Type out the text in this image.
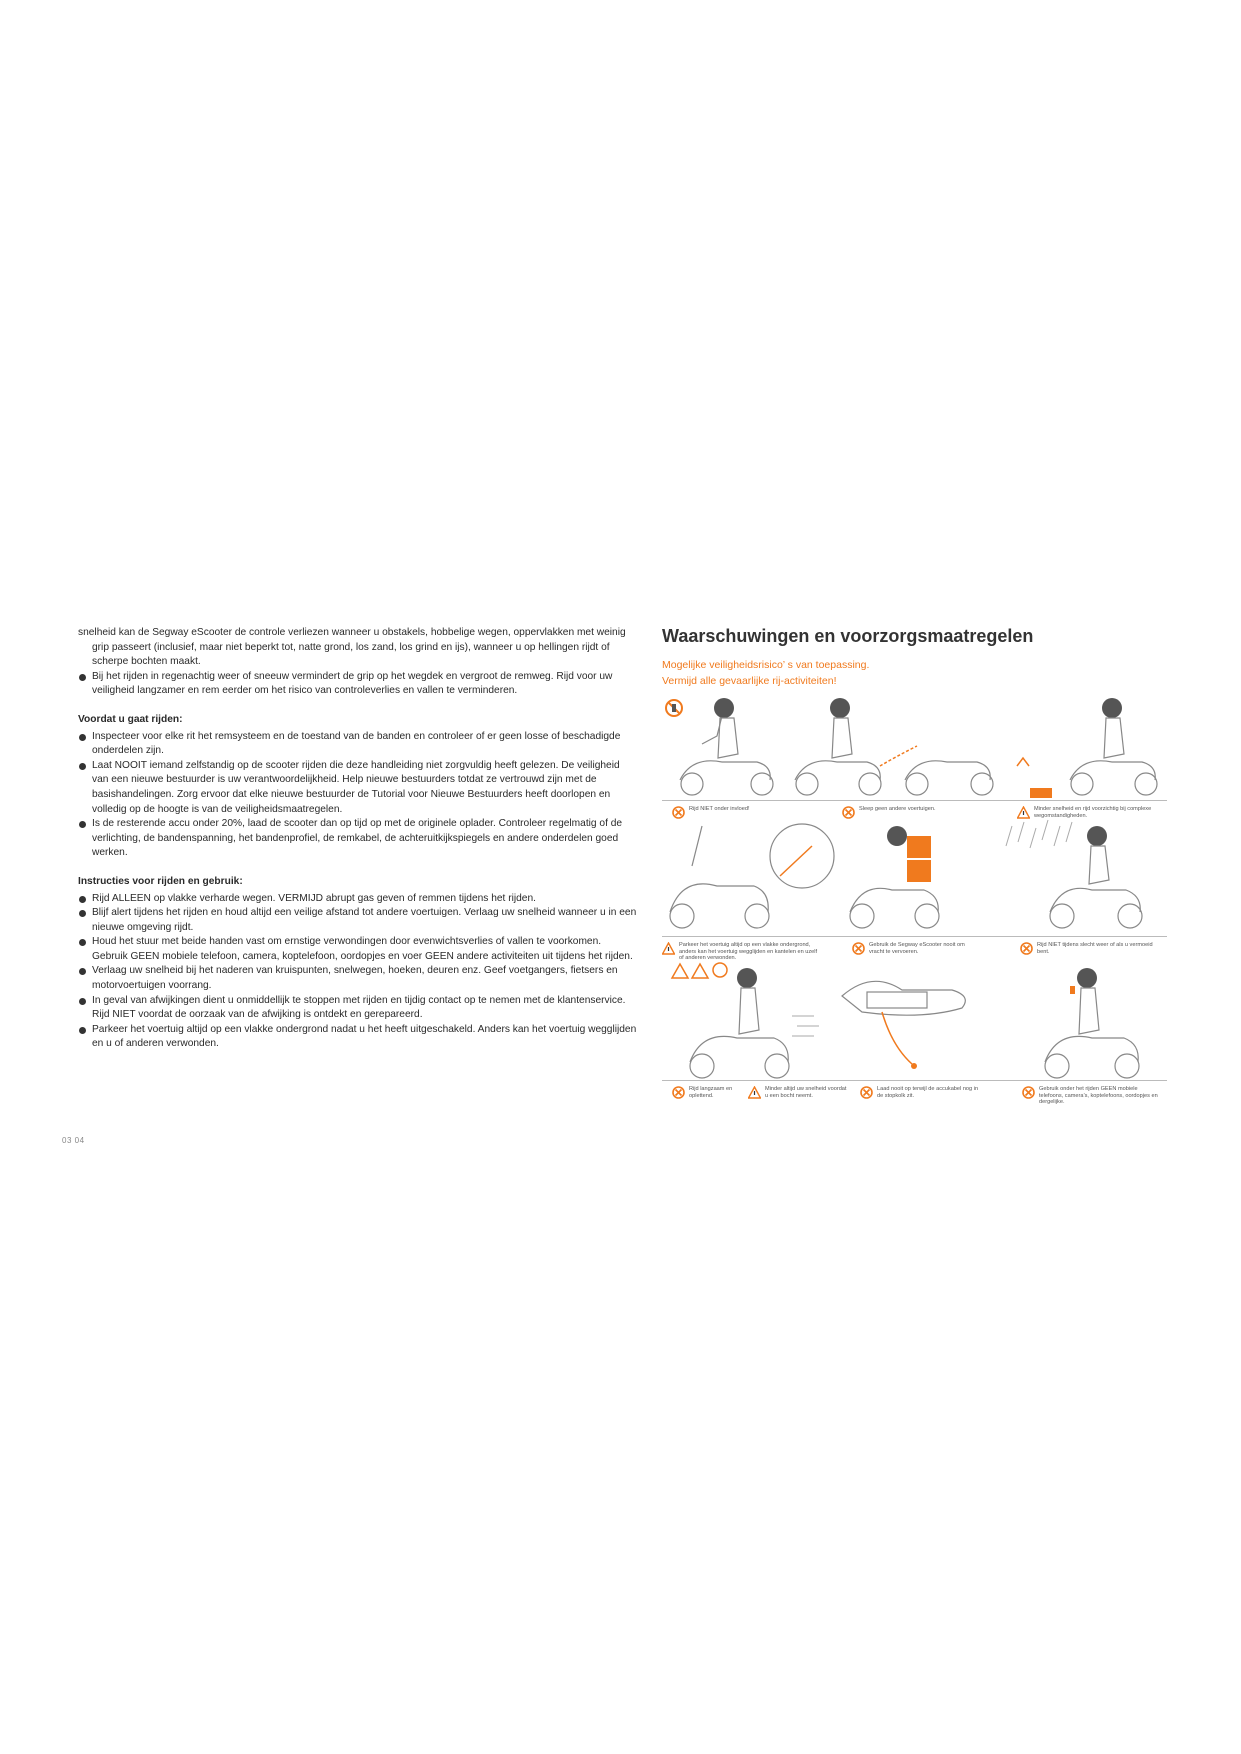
snelheid kan de Segway eScooter de controle verliezen wanneer u obstakels, hobbelige wegen, oppervlakken met weinig grip passeert (inclusief, maar niet beperkt tot, natte grond, los zand, los grind en ijs), wanneer u op hellingen rijdt of scherpe bochten maakt.

Bij het rijden in regenachtig weer of sneeuw vermindert de grip op het wegdek en vergroot de remweg. Rijd voor uw veiligheid langzamer en rem eerder om het risico van controleverlies en vallen te verminderen.

Voordat u gaat rijden:

Inspecteer voor elke rit het remsysteem en de toestand van de banden en controleer of er geen losse of beschadigde onderdelen zijn.

Laat NOOIT iemand zelfstandig op de scooter rijden die deze handleiding niet zorgvuldig heeft gelezen. De veiligheid van een nieuwe bestuurder is uw verantwoordelijkheid. Help nieuwe bestuurders totdat ze vertrouwd zijn met de basishandelingen. Zorg ervoor dat elke nieuwe bestuurder de Tutorial voor Nieuwe Bestuurders heeft doorlopen en volledig op de hoogte is van de veiligheidsmaatregelen.

Is de resterende accu onder 20%, laad de scooter dan op tijd op met de originele oplader. Controleer regelmatig of de verlichting, de bandenspanning, het bandenprofiel, de remkabel, de achteruitkijkspiegels en andere onderdelen goed werken.

Instructies voor rijden en gebruik:

Rijd ALLEEN op vlakke verharde wegen. VERMIJD abrupt gas geven of remmen tijdens het rijden.

Blijf alert tijdens het rijden en houd altijd een veilige afstand tot andere voertuigen. Verlaag uw snelheid wanneer u in een nieuwe omgeving rijdt.

Houd het stuur met beide handen vast om ernstige verwondingen door evenwichtsverlies of vallen te voorkomen. Gebruik GEEN mobiele telefoon, camera, koptelefoon, oordopjes en voer GEEN andere activiteiten uit tijdens het rijden.

Verlaag uw snelheid bij het naderen van kruispunten, snelwegen, hoeken, deuren enz. Geef voetgangers, fietsers en motorvoertuigen voorrang.

In geval van afwijkingen dient u onmiddellijk te stoppen met rijden en tijdig contact op te nemen met de klantenservice. Rijd NIET voordat de oorzaak van de afwijking is ontdekt en gerepareerd.

Parkeer het voertuig altijd op een vlakke ondergrond nadat u het heeft uitgeschakeld. Anders kan het voertuig wegglijden en u of anderen verwonden.

03 04
Waarschuwingen en voorzorgsmaatregelen

Mogelijke veiligheidsrisico’ s van toepassing.

Vermijd alle gevaarlijke rij-activiteiten!

Rijd NIET onder invloed!	Sleep geen andere voertuigen.	Minder snelheid en rijd voorzichtig bij complexe wegomstandigheden.
Parkeer het voertuig altijd op een vlakke ondergrond, anders kan het voertuig wegglijden en kantelen en uzelf of anderen verwonden.
Gebruik de Segway eScooter nooit om vracht te vervoeren.
Rijd NIET tijdens slecht weer of als u vermoeid bent.
Rijd langzaam en oplettend.
Minder altijd uw snelheid voordat u een bocht neemt.
Laad nooit op terwijl de accukabel nog in de stopkolk zit.
Gebruik onder het rijden GEEN mobiele telefoons, camera’s, koptelefoons, oordopjes en dergelijke.
